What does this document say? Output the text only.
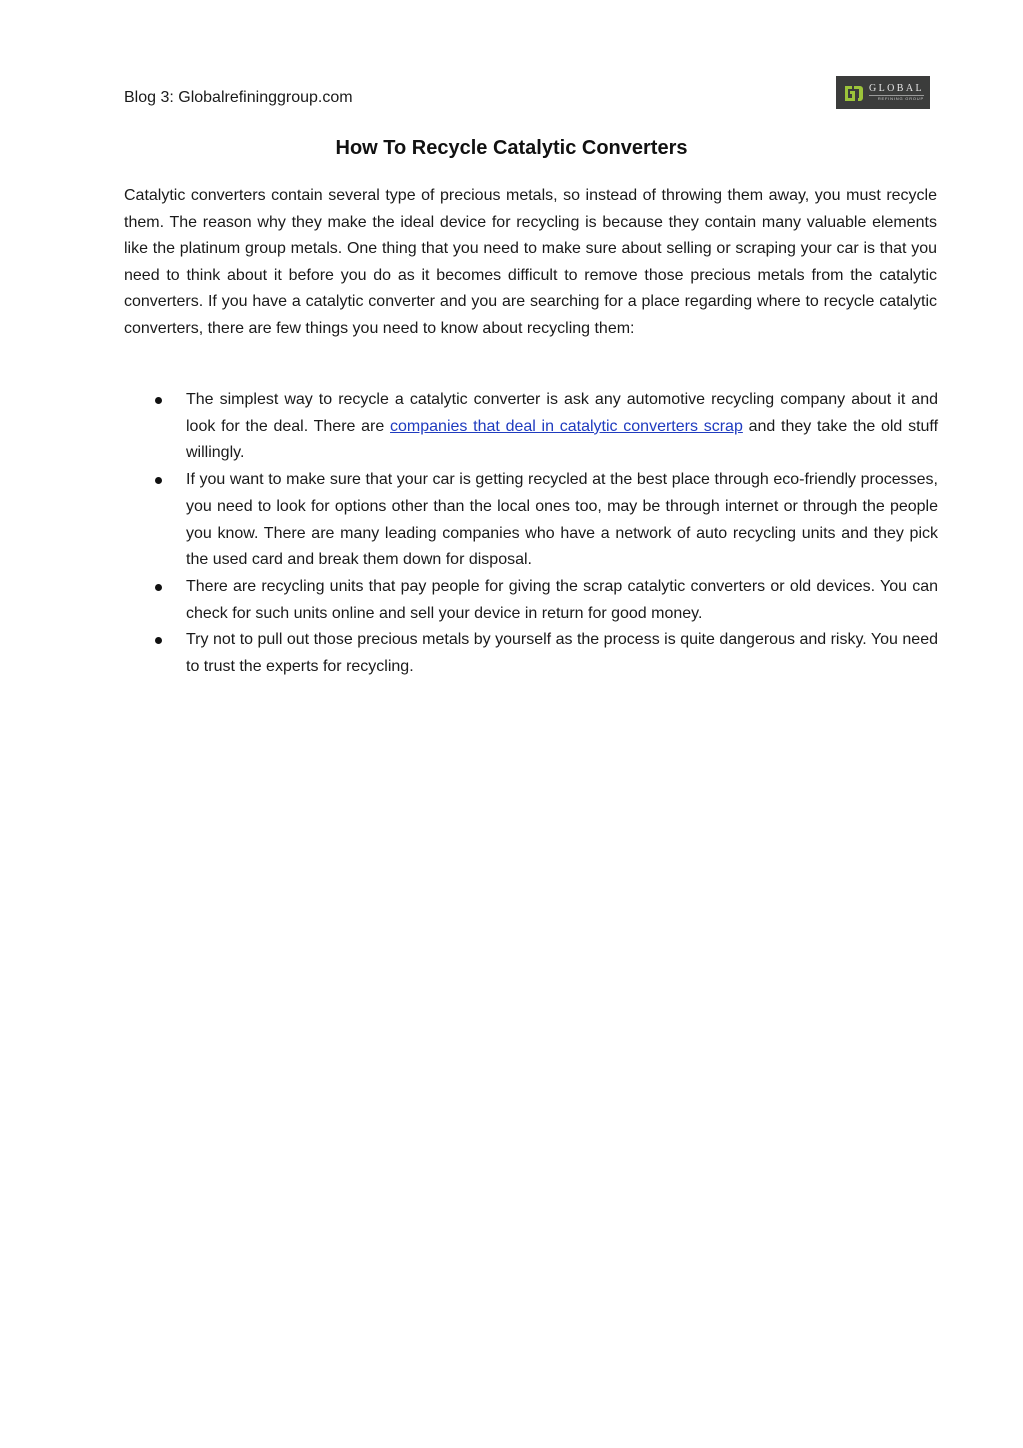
Blog 3: Globalrefininggroup.com
GLOBAL
REFINING GROUP
How To Recycle Catalytic Converters

Catalytic converters contain several type of precious metals, so instead of throwing them away, you must recycle them. The reason why they make the ideal device for recycling is because they contain many valuable elements like the platinum group metals. One thing that you need to make sure about selling or scraping your car is that you need to think about it before you do as it becomes difficult to remove those precious metals from the catalytic converters. If you have a catalytic converter and you are searching for a place regarding where to recycle catalytic converters, there are few things you need to know about recycling them:

The simplest way to recycle a catalytic converter is ask any automotive recycling company about it and look for the deal. There are companies that deal in catalytic converters scrap and they take the old stuff willingly.
If you want to make sure that your car is getting recycled at the best place through eco-friendly processes, you need to look for options other than the local ones too, may be through internet or through the people you know. There are many leading companies who have a network of auto recycling units and they pick the used card and break them down for disposal.
There are recycling units that pay people for giving the scrap catalytic converters or old devices. You can check for such units online and sell your device in return for good money.
Try not to pull out those precious metals by yourself as the process is quite dangerous and risky. You need to trust the experts for recycling.
